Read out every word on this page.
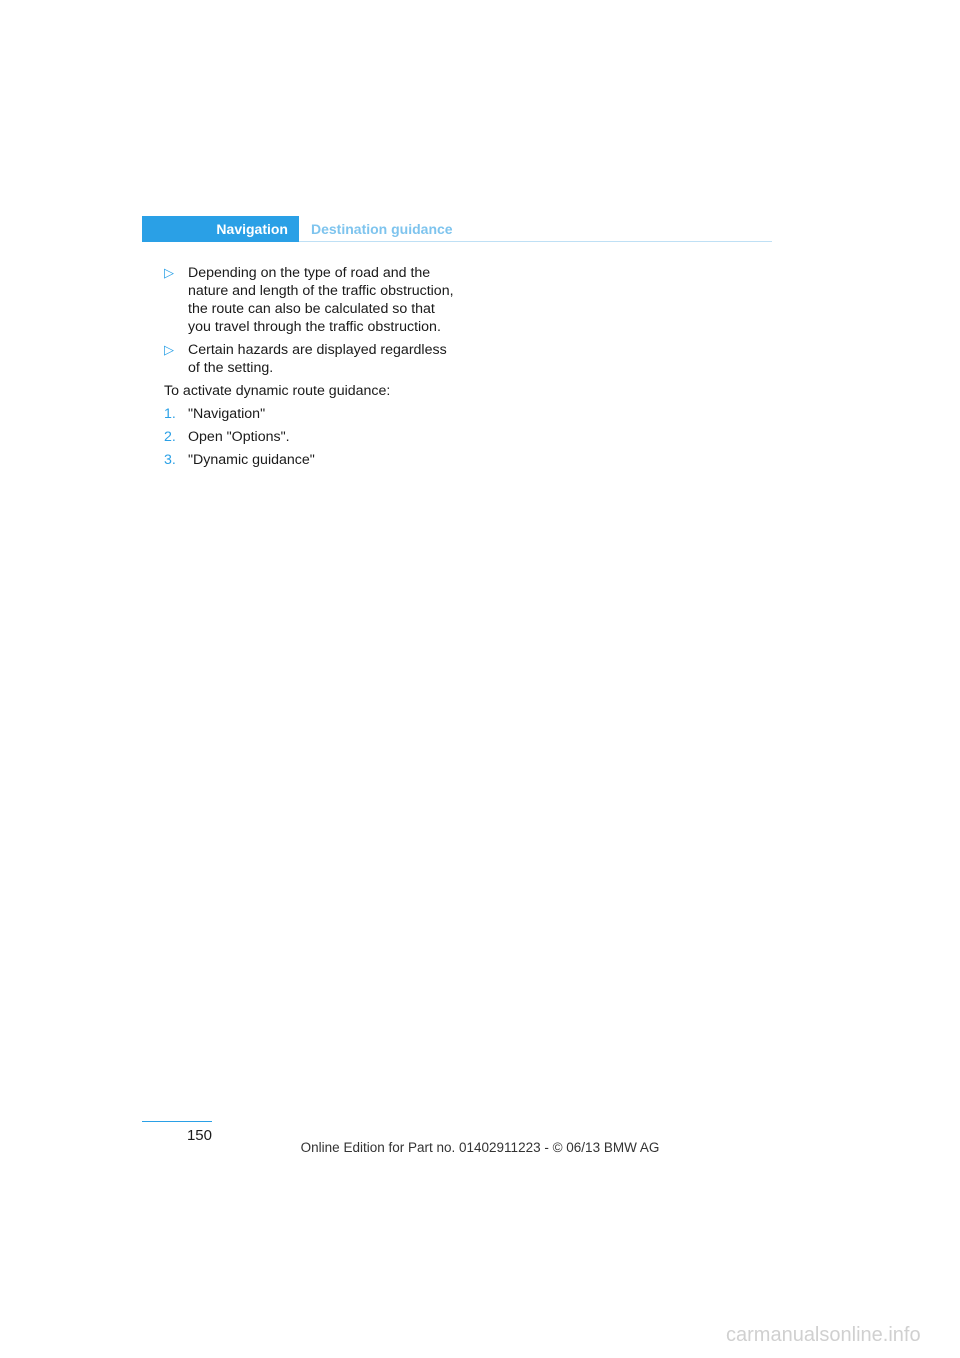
Navigation	Destination guidance
▷ Depending on the type of road and the nature and length of the traffic obstruction, the route can also be calculated so that you travel through the traffic obstruction.
▷ Certain hazards are displayed regardless of the setting.
To activate dynamic route guidance:
1. "Navigation"
2. Open "Options".
3. "Dynamic guidance"
150
Online Edition for Part no. 01402911223 - © 06/13 BMW AG
carmanualsonline.info
